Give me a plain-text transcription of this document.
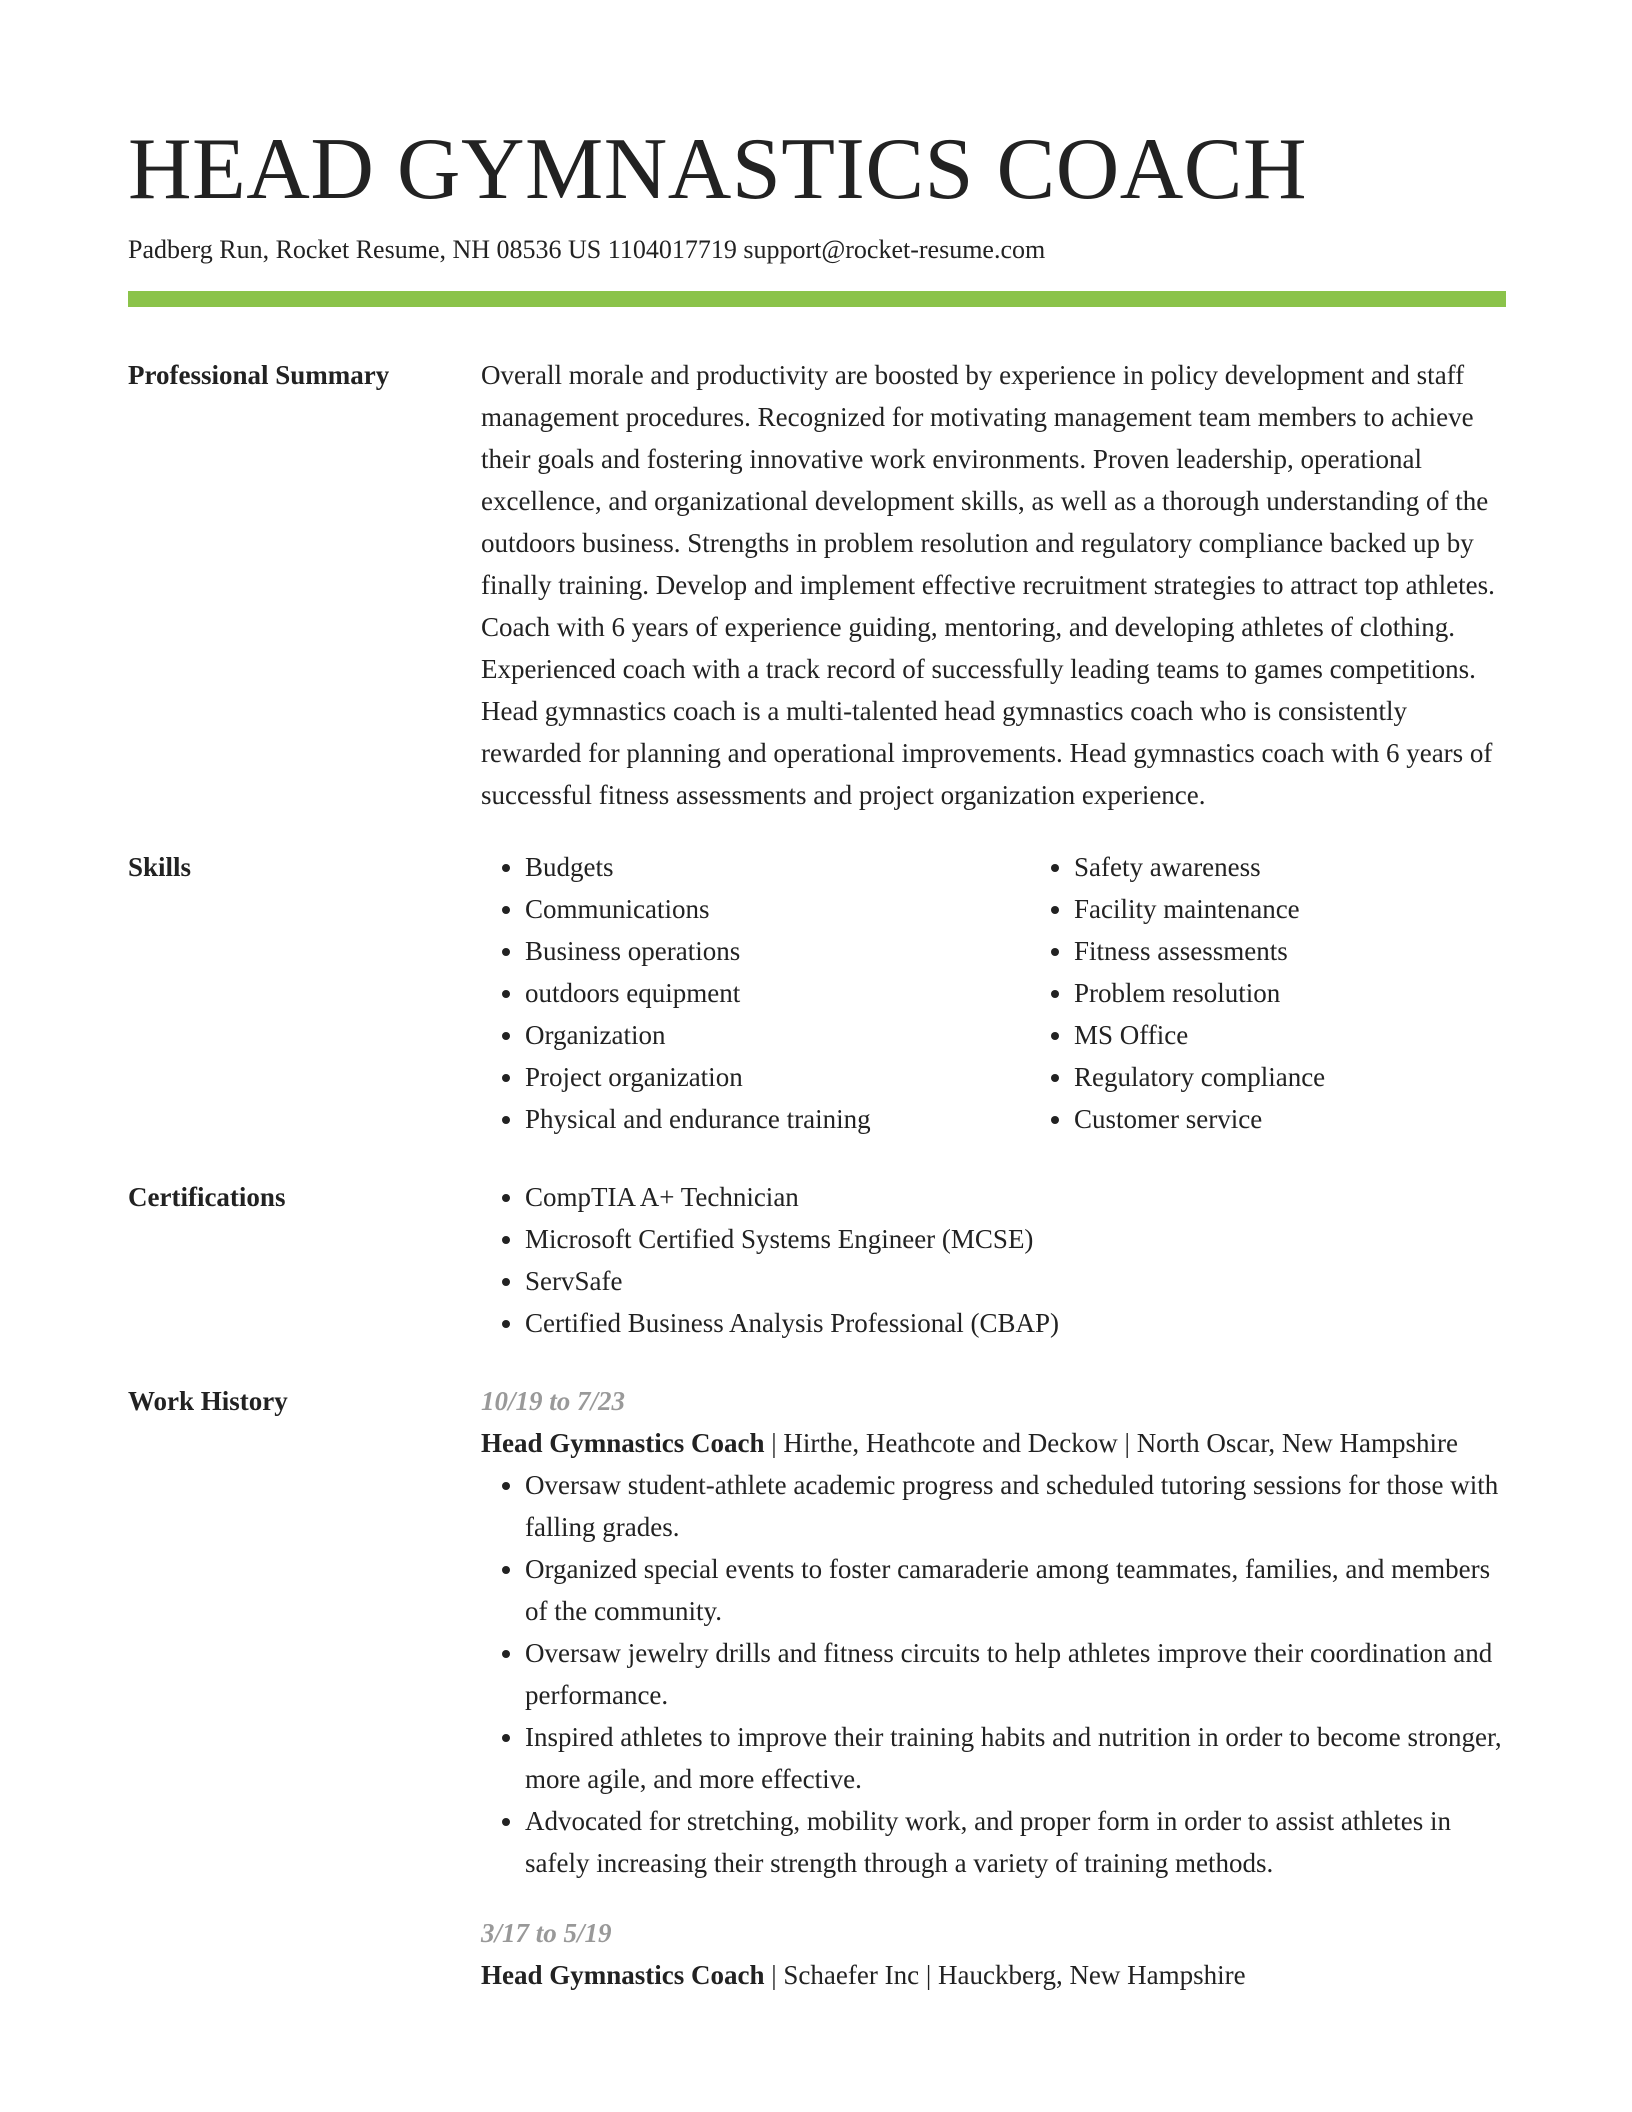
HEAD GYMNASTICS COACH
Padberg Run, Rocket Resume, NH 08536 US 1104017719 support@rocket-resume.com
Professional Summary	Overall morale and productivity are boosted by experience in policy development and staff management procedures. Recognized for motivating management team members to achieve their goals and fostering innovative work environments. Proven leadership, operational excellence, and organizational development skills, as well as a thorough understanding of the outdoors business. Strengths in problem resolution and regulatory compliance backed up by finally training. Develop and implement effective recruitment strategies to attract top athletes. Coach with 6 years of experience guiding, mentoring, and developing athletes of clothing. Experienced coach with a track record of successfully leading teams to games competitions. Head gymnastics coach is a multi-talented head gymnastics coach who is consistently rewarded for planning and operational improvements. Head gymnastics coach with 6 years of successful fitness assessments and project organization experience.

Skills	• Budgets
• Communications
• Business operations
• outdoors equipment
• Organization
• Project organization
• Physical and endurance training
• Safety awareness
• Facility maintenance
• Fitness assessments
• Problem resolution
• MS Office
• Regulatory compliance
• Customer service
Certifications	• CompTIA A+ Technician
• Microsoft Certified Systems Engineer (MCSE)
• ServSafe
• Certified Business Analysis Professional (CBAP)
Work History	10/19 to 7/23
Head Gymnastics Coach | Hirthe, Heathcote and Deckow | North Oscar, New Hampshire
• Oversaw student-athlete academic progress and scheduled tutoring sessions for those with falling grades.
• Organized special events to foster camaraderie among teammates, families, and members of the community.
• Oversaw jewelry drills and fitness circuits to help athletes improve their coordination and performance.
• Inspired athletes to improve their training habits and nutrition in order to become stronger, more agile, and more effective.
• Advocated for stretching, mobility work, and proper form in order to assist athletes in safely increasing their strength through a variety of training methods.
3/17 to 5/19
Head Gymnastics Coach | Schaefer Inc | Hauckberg, New Hampshire
